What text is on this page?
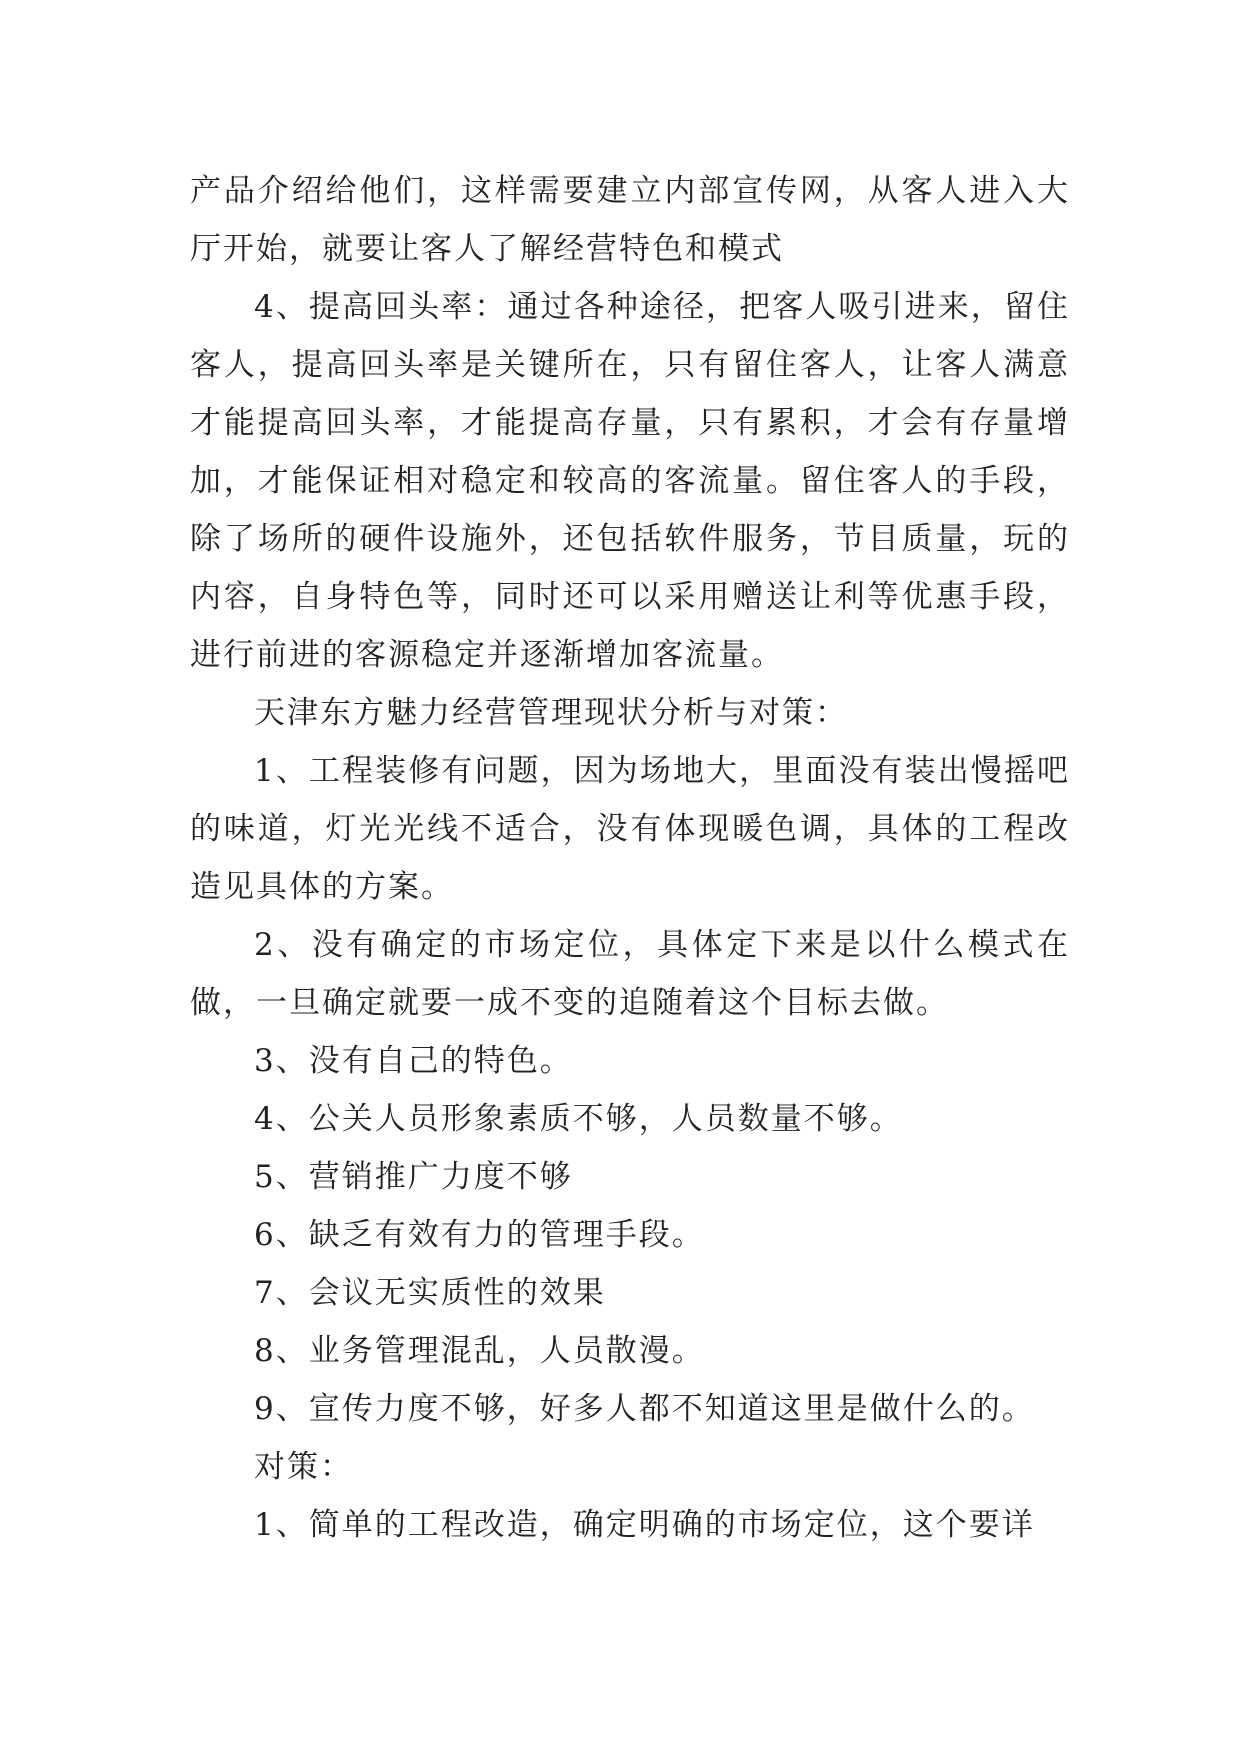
产品介绍给他们，这样需要建立内部宣传网，从客人进入大厅开始，就要让客人了解经营特色和模式

4、提高回头率：通过各种途径，把客人吸引进来，留住客人，提高回头率是关键所在，只有留住客人，让客人满意才能提高回头率，才能提高存量，只有累积，才会有存量增加，才能保证相对稳定和较高的客流量。留住客人的手段，除了场所的硬件设施外，还包括软件服务，节目质量，玩的内容，自身特色等，同时还可以采用赠送让利等优惠手段，进行前进的客源稳定并逐渐增加客流量。

天津东方魅力经营管理现状分析与对策：

1、工程装修有问题，因为场地大，里面没有装出慢摇吧的味道，灯光光线不适合，没有体现暖色调，具体的工程改造见具体的方案。

2、没有确定的市场定位，具体定下来是以什么模式在做，一旦确定就要一成不变的追随着这个目标去做。

3、没有自己的特色。

4、公关人员形象素质不够，人员数量不够。

5、营销推广力度不够

6、缺乏有效有力的管理手段。

7、会议无实质性的效果

8、业务管理混乱，人员散漫。

9、宣传力度不够，好多人都不知道这里是做什么的。

对策：

1、简单的工程改造，确定明确的市场定位，这个要详
